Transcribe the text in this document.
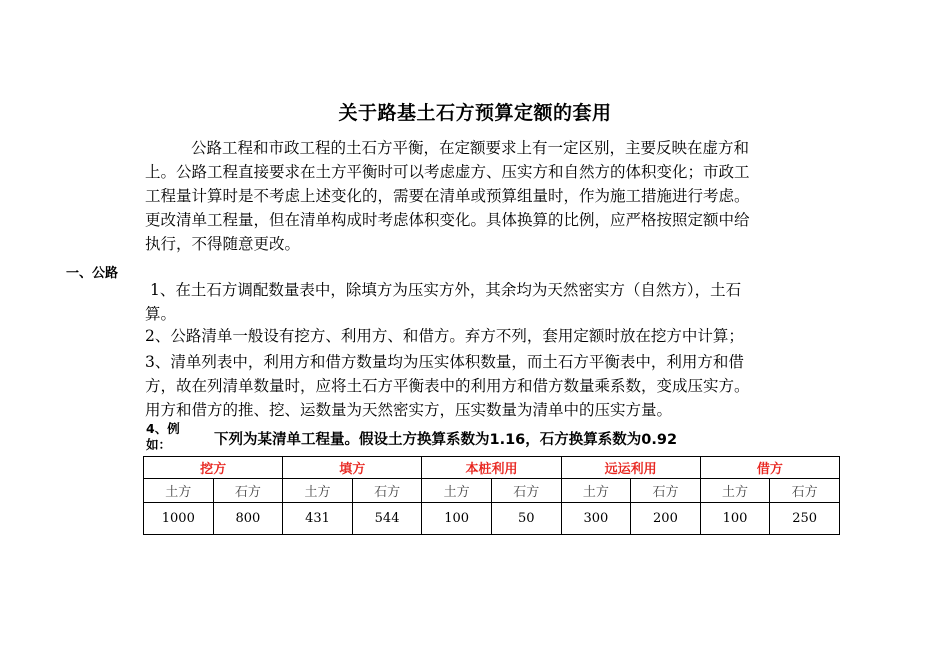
关于路基土石方预算定额的套用
公路工程和市政工程的土石方平衡，在定额要求上有一定区别，主要反映在虚方和
上。公路工程直接要求在土方平衡时可以考虑虚方、压实方和自然方的体积变化；市政工
工程量计算时是不考虑上述变化的，需要在清单或预算组量时，作为施工措施进行考虑。
更改清单工程量，但在清单构成时考虑体积变化。具体换算的比例，应严格按照定额中给
执行，不得随意更改。
一、公路
1、在土石方调配数量表中，除填方为压实方外，其余均为天然密实方（自然方），土石
算。
2、公路清单一般设有挖方、利用方、和借方。弃方不列，套用定额时放在挖方中计算；
3、清单列表中，利用方和借方数量均为压实体积数量，而土石方平衡表中，利用方和借
方，故在列清单数量时，应将土石方平衡表中的利用方和借方数量乘系数，变成压实方。
用方和借方的推、挖、运数量为天然密实方，压实数量为清单中的压实方量。
4、例
如：	下列为某清单工程量。假设土方换算系数为1.16，石方换算系数为0.92
挖方		填方		本桩利用		远运利用		借方	
土方	石方	土方	石方	土方	石方	土方	石方	土方	石方
1000	800	431	544	100	50	300	200	100	250
